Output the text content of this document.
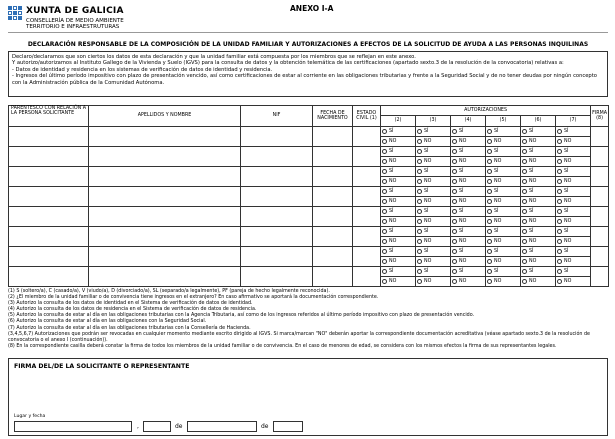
XUNTA DE GALICIA
CONSELLERÍA DE MEDIO AMBIENTE
TERRITORIO E INFRAESTRUTURAS
ANEXO I-A
DECLARACIÓN RESPONSABLE DE LA COMPOSICIÓN DE LA UNIDAD FAMILIAR Y AUTORIZACIONES A EFECTOS DE LA SOLICITUD DE AYUDA A LAS PERSONAS INQUILINAS
Declaro/declaramos que son ciertos los datos de esta declaración y que la unidad familiar está compuesta por los miembros que se reflejan en este anexo.
Y autorizo/autorizamos al Instituto Gallego de la Vivienda y Suelo (IGVS) para la consulta de datos y la obtención telemática de las certificaciones (apartado sexto.3 de la resolución de la convocatoria) relativas a:
- Datos de identidad y residencia en los sistemas de verificación de datos de identidad y residencia.
- Ingresos del último período impositivo con plazo de presentación vencido, así como certificaciones de estar al corriente en las obligaciones tributarias y frente a la Seguridad Social y de no tener deudas por ningún concepto con la Administración pública de la Comunidad Autónoma.
PARENTESCO CON RELACIÓN A LA PERSONA SOLICITANTE	APELLIDOS Y NOMBRE	NIF	FECHA DE NACIMIENTO	ESTADO CIVIL (1)	AUTORIZACIONES						FIRMA (8)
					(2)	(3)	(4)	(5)	(6)	(7)	

					SÍ	SÍ	SÍ	SÍ	SÍ	SÍ	

					NO	NO	NO	NO	NO	NO	

					SÍ	SÍ	SÍ	SÍ	SÍ	SÍ	

					NO	NO	NO	NO	NO	NO	

					SÍ	SÍ	SÍ	SÍ	SÍ	SÍ	

					NO	NO	NO	NO	NO	NO	

					SÍ	SÍ	SÍ	SÍ	SÍ	SÍ	

					NO	NO	NO	NO	NO	NO	

					SÍ	SÍ	SÍ	SÍ	SÍ	SÍ	

					NO	NO	NO	NO	NO	NO	

					SÍ	SÍ	SÍ	SÍ	SÍ	SÍ	

					NO	NO	NO	NO	NO	NO	

					SÍ	SÍ	SÍ	SÍ	SÍ	SÍ	

					NO	NO	NO	NO	NO	NO	

					SÍ	SÍ	SÍ	SÍ	SÍ	SÍ	

					NO	NO	NO	NO	NO	NO	
(1) S (soltero/a), C (casado/a), V (viudo/a), D (divorciado/a), SL (separado/a legalmente), PF (pareja de hecho legalmente reconocida).
(2) ¿El miembro de la unidad familiar o de convivencia tiene ingresos en el extranjero? En caso afirmativo se aportará la documentación correspondiente.
(3) Autorizo la consulta de los datos de identidad en el Sistema de verificación de datos de identidad.
(4) Autorizo la consulta de los datos de residencia en el Sistema de verificación de datos de residencia.
(5) Autorizo la consulta de estar al día en las obligaciones tributarias con la Agencia Tributaria, así como de los ingresos referidos al último período impositivo con plazo de presentación vencido.
(6) Autorizo la consulta de estar al día en las obligaciones con la Seguridad Social.
(7) Autorizo la consulta de estar al día en las obligaciones tributarias con la Consellería de Hacienda.
(3,4,5,6,7) Autorizaciones que podrán ser revocadas en cualquier momento mediante escrito dirigido al IGVS. Si marca/marcan "NO" deberán aportar la correspondiente documentación acreditativa (véase apartado sexto.3 de la resolución de convocatoria o el anexo I (continuación)).
(8) En la correspondiente casilla deberá constar la firma de todos los miembros de la unidad familiar o de convivencia. En el caso de menores de edad, se considera con los mismos efectos la firma de sus representantes legales.
FIRMA DEL/DE LA SOLICITANTE O REPRESENTANTE
Lugar y fecha
,	de	de
